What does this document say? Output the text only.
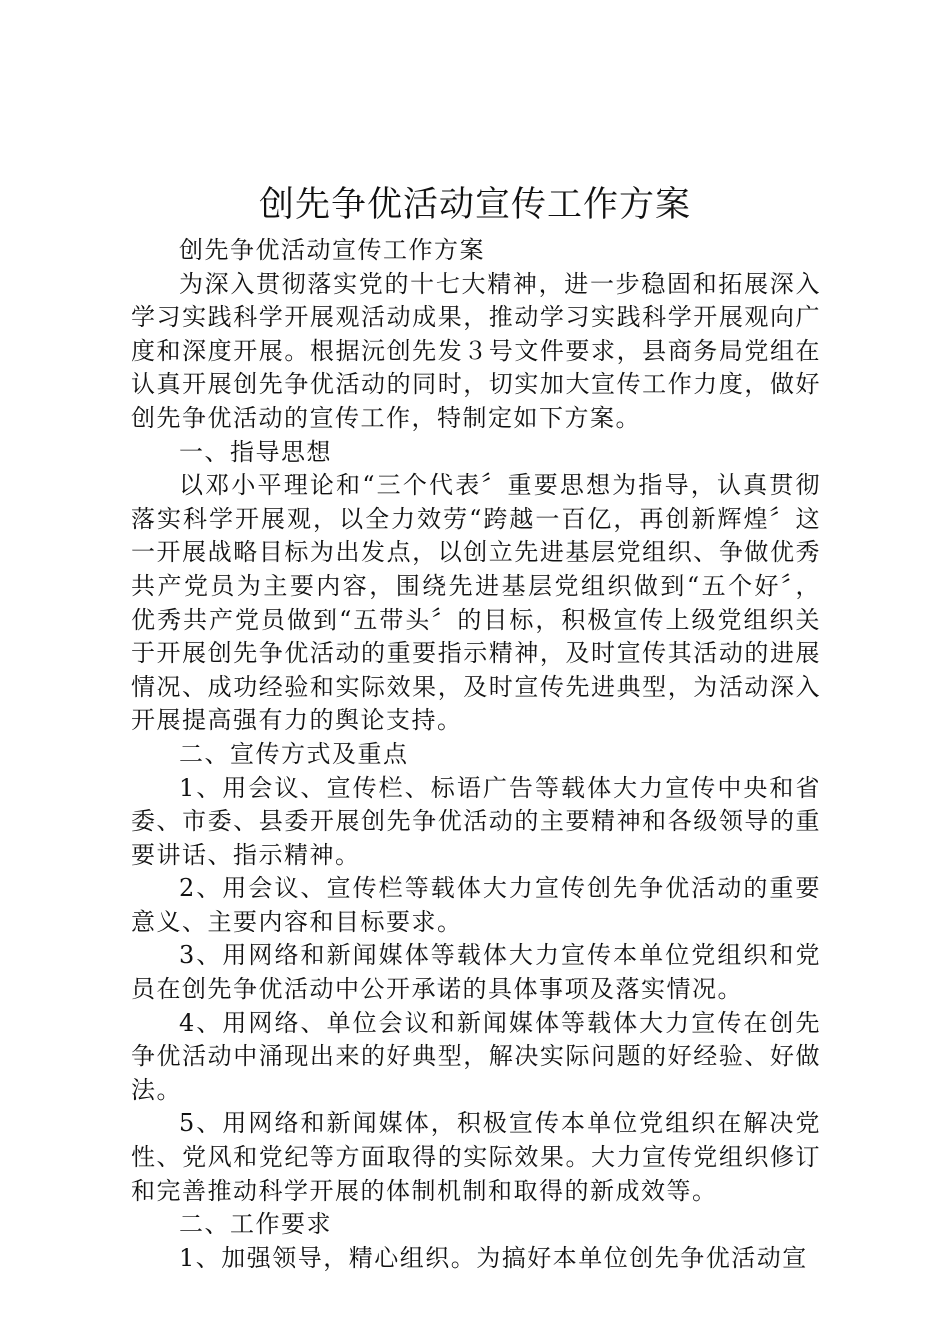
创先争优活动宣传工作方案

创先争优活动宣传工作方案

为深入贯彻落实党的十七大精神，进一步稳固和拓展深入学习实践科学开展观活动成果，推动学习实践科学开展观向广度和深度开展。根据沅创先发３号文件要求，县商务局党组在认真开展创先争优活动的同时，切实加大宣传工作力度，做好创先争优活动的宣传工作，特制定如下方案。

一、指导思想

以邓小平理论和“三个代表〞重要思想为指导，认真贯彻落实科学开展观，以全力效劳“跨越一百亿，再创新辉煌〞这一开展战略目标为出发点，以创立先进基层党组织、争做优秀共产党员为主要内容，围绕先进基层党组织做到“五个好〞，优秀共产党员做到“五带头〞的目标，积极宣传上级党组织关于开展创先争优活动的重要指示精神，及时宣传其活动的进展情况、成功经验和实际效果，及时宣传先进典型，为活动深入开展提高强有力的舆论支持。

二、宣传方式及重点

1、用会议、宣传栏、标语广告等载体大力宣传中央和省委、市委、县委开展创先争优活动的主要精神和各级领导的重要讲话、指示精神。

2、用会议、宣传栏等载体大力宣传创先争优活动的重要意义、主要内容和目标要求。

3、用网络和新闻媒体等载体大力宣传本单位党组织和党员在创先争优活动中公开承诺的具体事项及落实情况。

4、用网络、单位会议和新闻媒体等载体大力宣传在创先争优活动中涌现出来的好典型，解决实际问题的好经验、好做法。

5、用网络和新闻媒体，积极宣传本单位党组织在解决党性、党风和党纪等方面取得的实际效果。大力宣传党组织修订和完善推动科学开展的体制机制和取得的新成效等。

二、工作要求

1、加强领导，精心组织。为搞好本单位创先争优活动宣
